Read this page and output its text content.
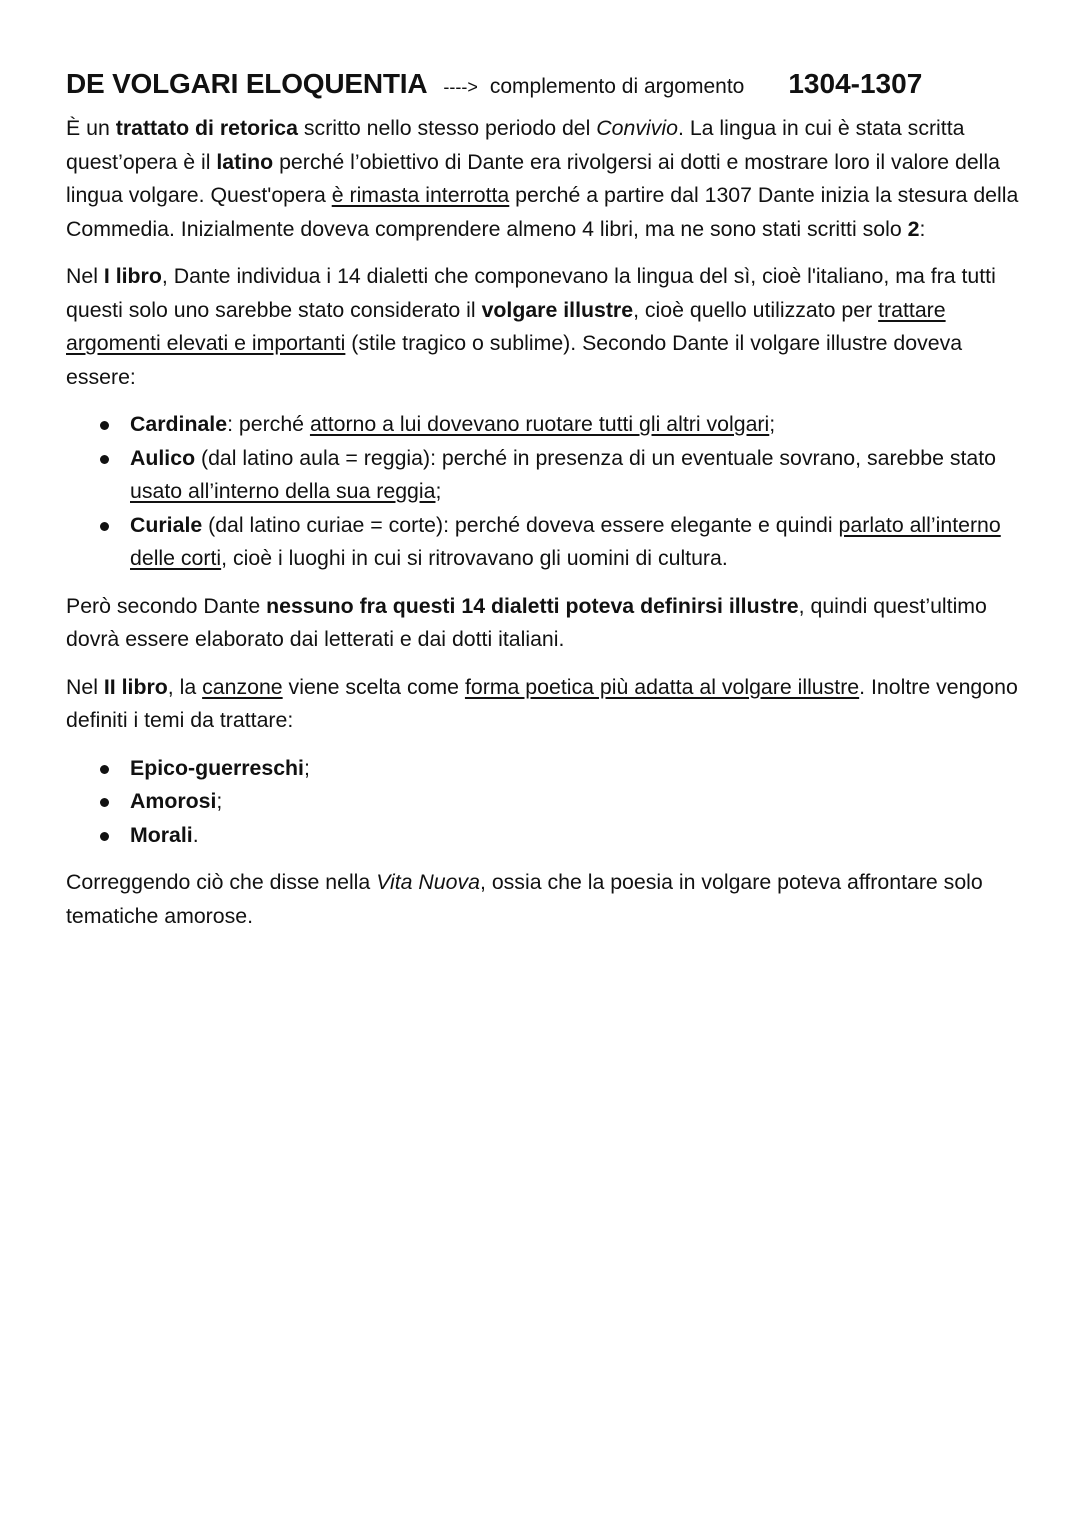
DE VOLGARI ELOQUENTIA ----> complemento di argomento 1304-1307

È un trattato di retorica scritto nello stesso periodo del Convivio. La lingua in cui è stata scritta quest’opera è il latino perché l’obiettivo di Dante era rivolgersi ai dotti e mostrare loro il valore della lingua volgare. Quest'opera è rimasta interrotta perché a partire dal 1307 Dante inizia la stesura della Commedia. Inizialmente doveva comprendere almeno 4 libri, ma ne sono stati scritti solo 2:

Nel I libro, Dante individua i 14 dialetti che componevano la lingua del sì, cioè l'italiano, ma fra tutti questi solo uno sarebbe stato considerato il volgare illustre, cioè quello utilizzato per trattare argomenti elevati e importanti (stile tragico o sublime). Secondo Dante il volgare illustre doveva essere:

Cardinale: perché attorno a lui dovevano ruotare tutti gli altri volgari;
Aulico (dal latino aula = reggia): perché in presenza di un eventuale sovrano, sarebbe stato usato all’interno della sua reggia;
Curiale (dal latino curiae = corte): perché doveva essere elegante e quindi parlato all’interno delle corti, cioè i luoghi in cui si ritrovavano gli uomini di cultura.

Però secondo Dante nessuno fra questi 14 dialetti poteva definirsi illustre, quindi quest’ultimo dovrà essere elaborato dai letterati e dai dotti italiani.

Nel II libro, la canzone viene scelta come forma poetica più adatta al volgare illustre. Inoltre vengono definiti i temi da trattare:

Epico-guerreschi;
Amorosi;
Morali.

Correggendo ciò che disse nella Vita Nuova, ossia che la poesia in volgare poteva affrontare solo tematiche amorose.
